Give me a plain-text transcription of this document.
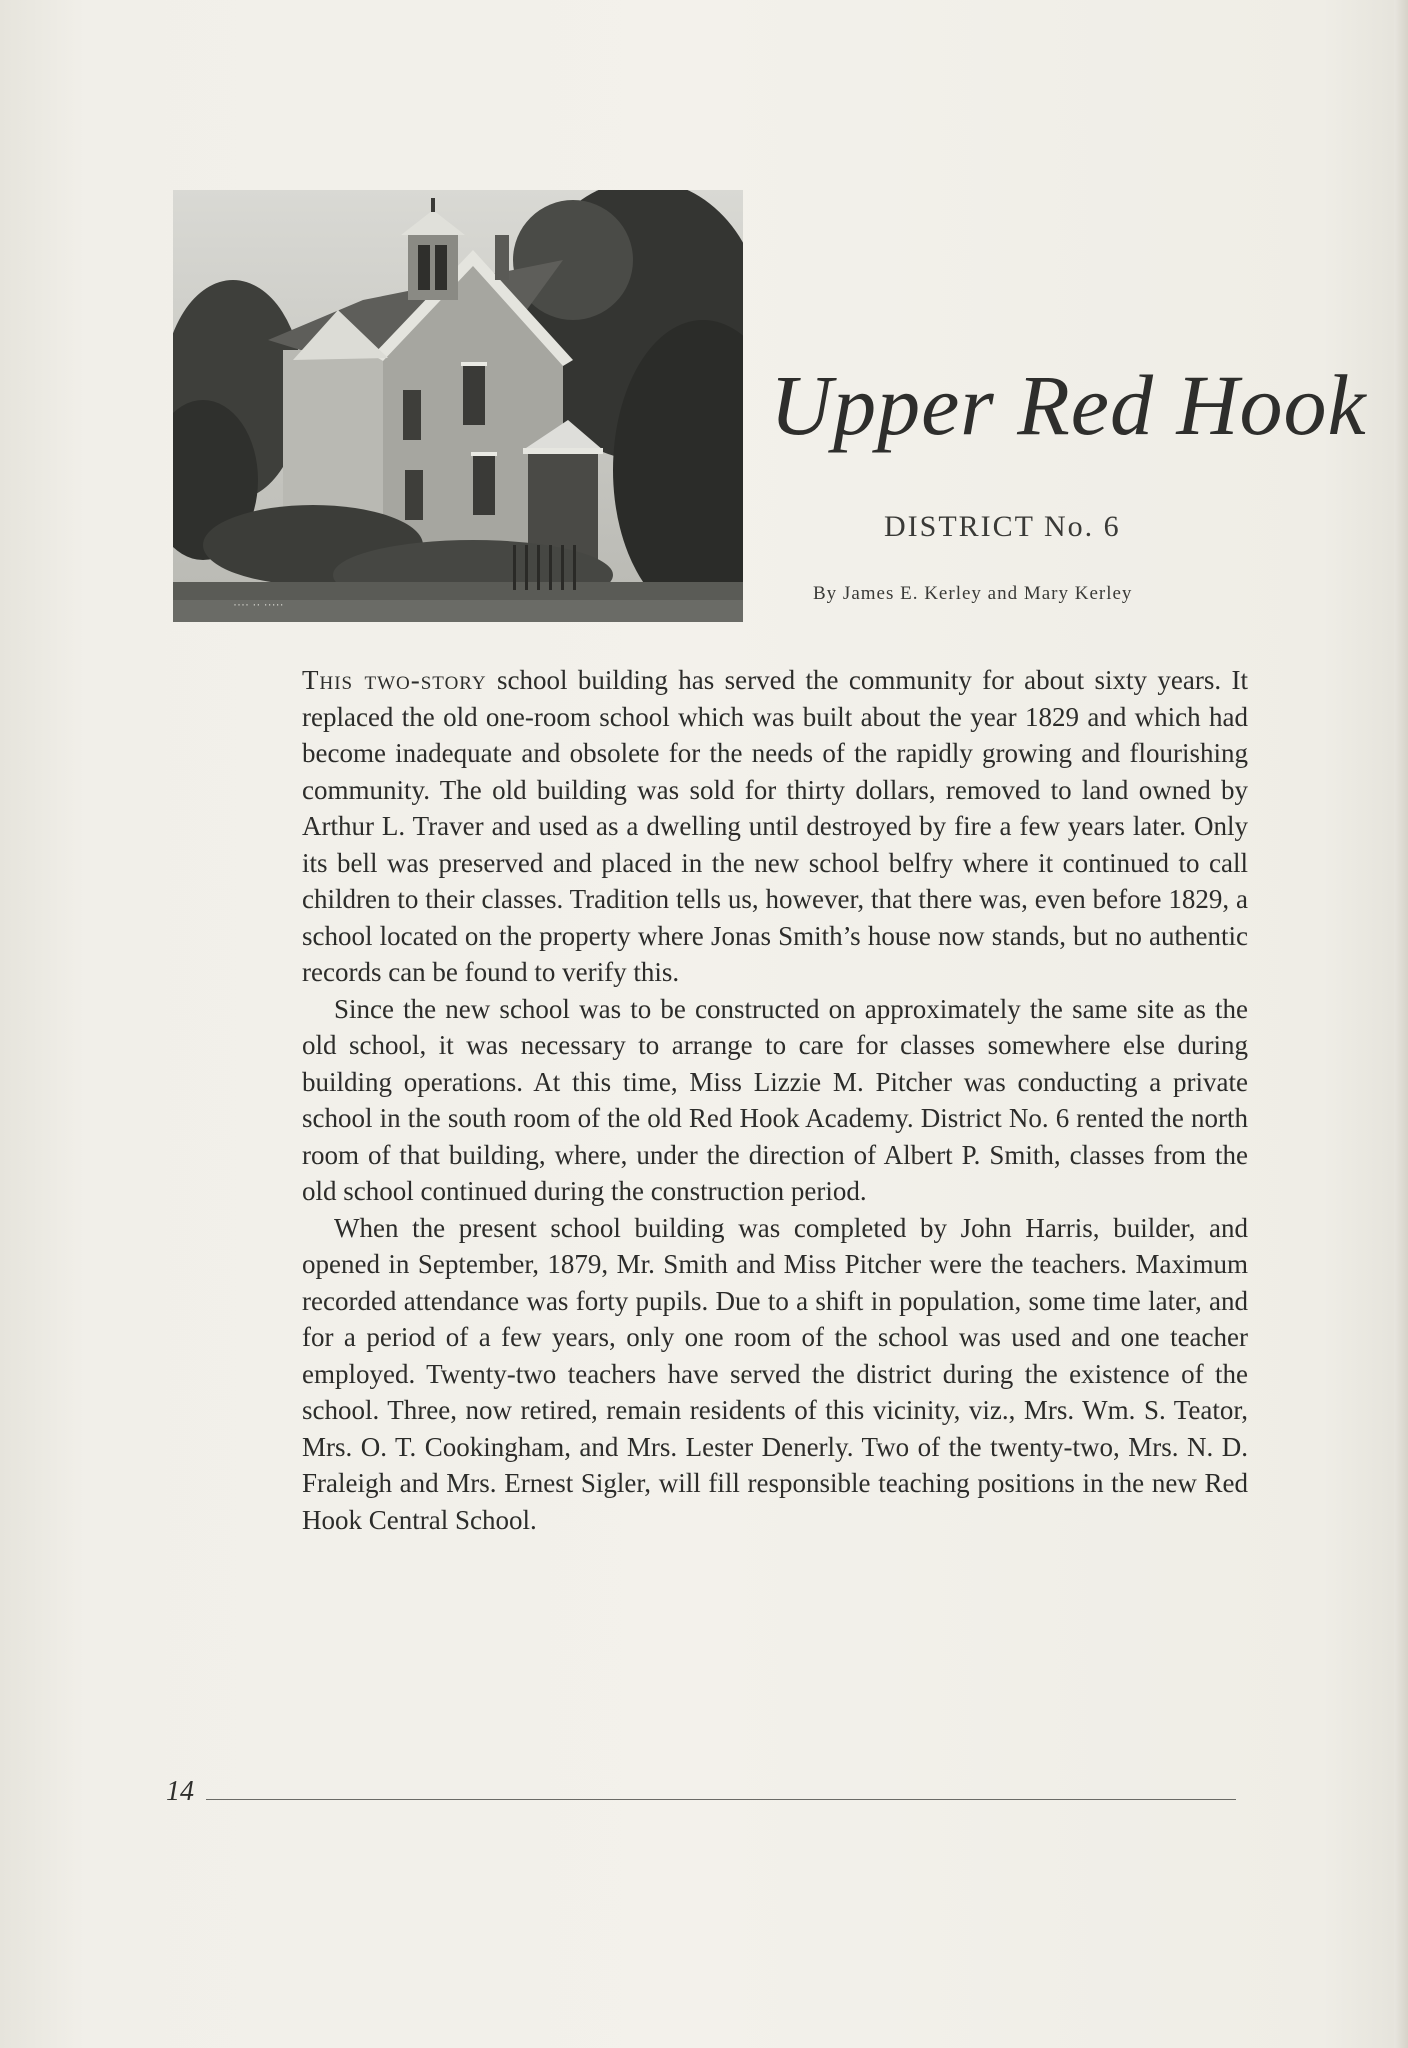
···· ·· ·····
Upper Red Hook
DISTRICT No. 6
By James E. Kerley and Mary Kerley

This two-story school building has served the community for about sixty years. It replaced the old one-room school which was built about the year 1829 and which had become inadequate and obsolete for the needs of the rapidly growing and flourishing community. The old building was sold for thirty dollars, removed to land owned by Arthur L. Traver and used as a dwelling until destroyed by fire a few years later. Only its bell was preserved and placed in the new school belfry where it continued to call children to their classes. Tradition tells us, however, that there was, even before 1829, a school located on the property where Jonas Smith’s house now stands, but no authentic records can be found to verify this.

Since the new school was to be constructed on approximately the same site as the old school, it was necessary to arrange to care for classes somewhere else during building operations. At this time, Miss Lizzie M. Pitcher was conducting a private school in the south room of the old Red Hook Academy. District No. 6 rented the north room of that building, where, under the direction of Albert P. Smith, classes from the old school continued during the construction period.

When the present school building was completed by John Harris, builder, and opened in September, 1879, Mr. Smith and Miss Pitcher were the teachers. Maximum recorded attendance was forty pupils. Due to a shift in population, some time later, and for a period of a few years, only one room of the school was used and one teacher employed. Twenty-two teachers have served the district during the existence of the school. Three, now retired, remain residents of this vicinity, viz., Mrs. Wm. S. Teator, Mrs. O. T. Cookingham, and Mrs. Lester Denerly. Two of the twenty-two, Mrs. N. D. Fraleigh and Mrs. Ernest Sigler, will fill responsible teaching positions in the new Red Hook Central School.

14
